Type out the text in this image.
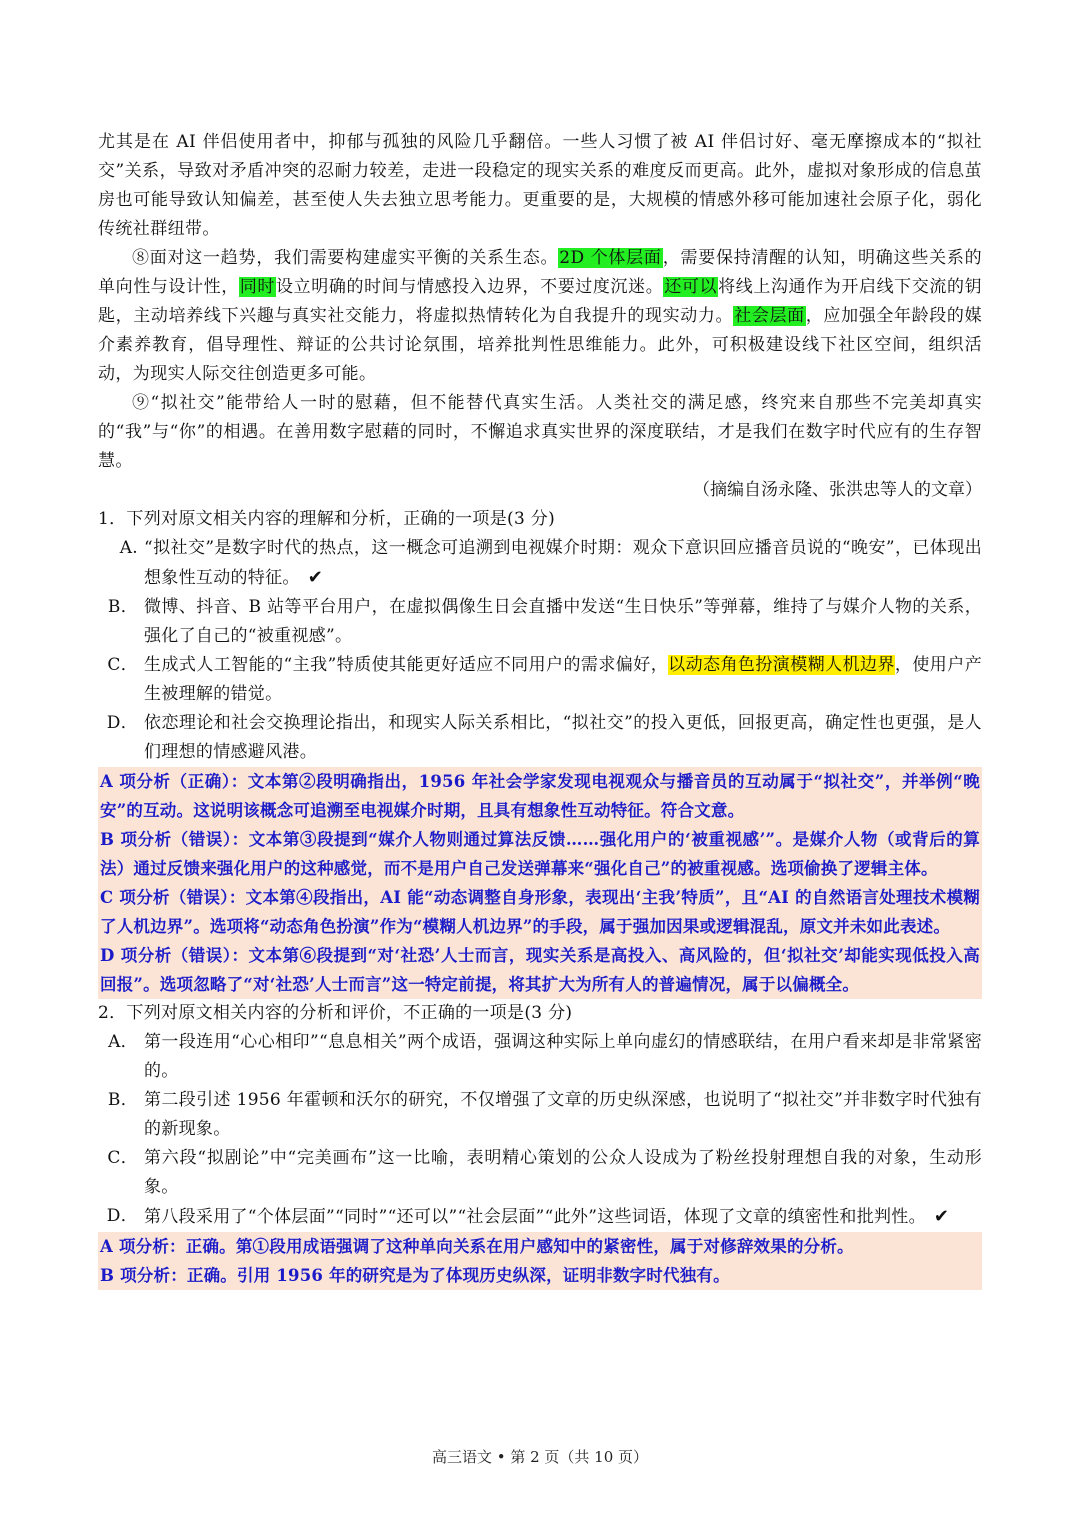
尤其是在 AI 伴侣使用者中，抑郁与孤独的风险几乎翻倍。一些人习惯了被 AI 伴侣讨好、毫无摩擦成本的“拟社交”关系，导致对矛盾冲突的忍耐力较差，走进一段稳定的现实关系的难度反而更高。此外，虚拟对象形成的信息茧房也可能导致认知偏差，甚至使人失去独立思考能力。更重要的是，大规模的情感外移可能加速社会原子化，弱化传统社群纽带。

⑧面对这一趋势，我们需要构建虚实平衡的关系生态。2D 个体层面，需要保持清醒的认知，明确这些关系的单向性与设计性，同时设立明确的时间与情感投入边界，不要过度沉迷。还可以将线上沟通作为开启线下交流的钥匙，主动培养线下兴趣与真实社交能力，将虚拟热情转化为自我提升的现实动力。社会层面，应加强全年龄段的媒介素养教育，倡导理性、辩证的公共讨论氛围，培养批判性思维能力。此外，可积极建设线下社区空间，组织活动，为现实人际交往创造更多可能。

⑨“拟社交”能带给人一时的慰藉，但不能替代真实生活。人类社交的满足感，终究来自那些不完美却真实的“我”与“你”的相遇。在善用数字慰藉的同时，不懈追求真实世界的深度联结，才是我们在数字时代应有的生存智慧。

（摘编自汤永隆、张洪忠等人的文章）

1．下列对原文相关内容的理解和分析，正确的一项是(3 分)

A. “拟社交”是数字时代的热点，这一概念可追溯到电视媒介时期：观众下意识回应播音员说的“晚安”，已体现出想象性互动的特征。 ✔
B． 微博、抖音、B 站等平台用户，在虚拟偶像生日会直播中发送“生日快乐”等弹幕，维持了与媒介人物的关系，强化了自己的“被重视感”。
C． 生成式人工智能的“主我”特质使其能更好适应不同用户的需求偏好，以动态角色扮演模糊人机边界，使用户产生被理解的错觉。
D． 依恋理论和社会交换理论指出，和现实人际关系相比，“拟社交”的投入更低，回报更高，确定性也更强，是人们理想的情感避风港。

A 项分析（正确）：文本第②段明确指出，1956 年社会学家发现电视观众与播音员的互动属于“拟社交”，并举例“晚安”的互动。这说明该概念可追溯至电视媒介时期，且具有想象性互动特征。符合文意。

B 项分析（错误）：文本第③段提到“媒介人物则通过算法反馈……强化用户的‘被重视感’”。是媒介人物（或背后的算法）通过反馈来强化用户的这种感觉，而不是用户自己发送弹幕来“强化自己”的被重视感。选项偷换了逻辑主体。

C 项分析（错误）：文本第④段指出，AI 能“动态调整自身形象，表现出‘主我’特质”，且“AI 的自然语言处理技术模糊了人机边界”。选项将“动态角色扮演”作为“模糊人机边界”的手段，属于强加因果或逻辑混乱，原文并未如此表述。

D 项分析（错误）：文本第⑥段提到“对‘社恐’人士而言，现实关系是高投入、高风险的，但‘拟社交’却能实现低投入高回报”。选项忽略了“对‘社恐’人士而言”这一特定前提，将其扩大为所有人的普遍情况，属于以偏概全。

2．下列对原文相关内容的分析和评价，不正确的一项是(3 分)

A． 第一段连用“心心相印”“息息相关”两个成语，强调这种实际上单向虚幻的情感联结，在用户看来却是非常紧密的。
B． 第二段引述 1956 年霍顿和沃尔的研究，不仅增强了文章的历史纵深感，也说明了“拟社交”并非数字时代独有的新现象。
C． 第六段“拟剧论”中“完美画布”这一比喻，表明精心策划的公众人设成为了粉丝投射理想自我的对象，生动形象。
D． 第八段采用了“个体层面”“同时”“还可以”“社会层面”“此外”这些词语，体现了文章的缜密性和批判性。 ✔

A 项分析：正确。第①段用成语强调了这种单向关系在用户感知中的紧密性，属于对修辞效果的分析。

B 项分析：正确。引用 1956 年的研究是为了体现历史纵深，证明非数字时代独有。

高三语文 • 第 2 页（共 10 页）
